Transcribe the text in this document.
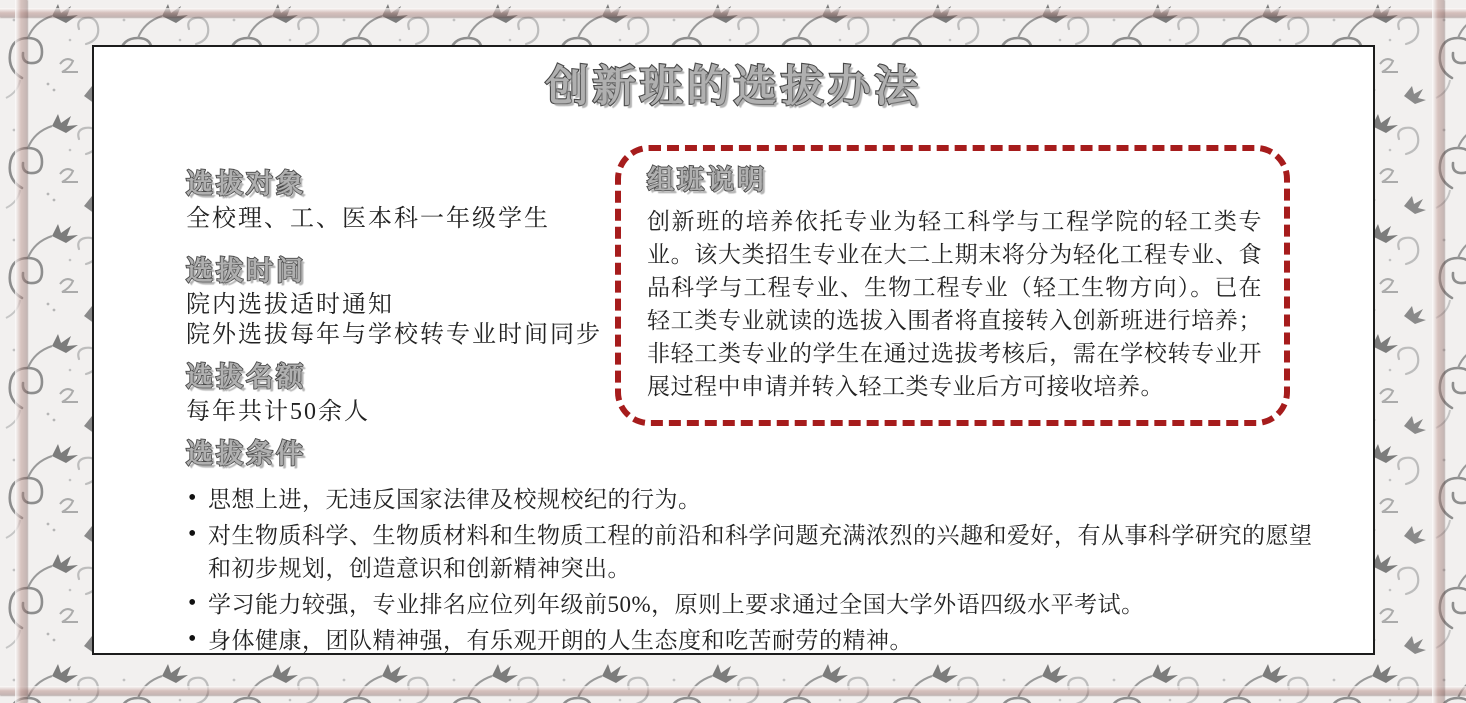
创新班的选拔办法
选拔对象

全校理、工、医本科一年级学生

选拔时间

院内选拔适时通知

院外选拔每年与学校转专业时间同步

选拔名额

每年共计50余人

组班说明

创新班的培养依托专业为轻工科学与工程学院的轻工类专业。该大类招生专业在大二上期末将分为轻化工程专业、食品科学与工程专业、生物工程专业（轻工生物方向）。已在轻工类专业就读的选拔入围者将直接转入创新班进行培养；非轻工类专业的学生在通过选拔考核后，需在学校转专业开展过程中申请并转入轻工类专业后方可接收培养。

选拔条件
• 思想上进，无违反国家法律及校规校纪的行为。
• 对生物质科学、生物质材料和生物质工程的前沿和科学问题充满浓烈的兴趣和爱好，有从事科学研究的愿望和初步规划，创造意识和创新精神突出。
• 学习能力较强，专业排名应位列年级前50%，原则上要求通过全国大学外语四级水平考试。
• 身体健康，团队精神强，有乐观开朗的人生态度和吃苦耐劳的精神。
